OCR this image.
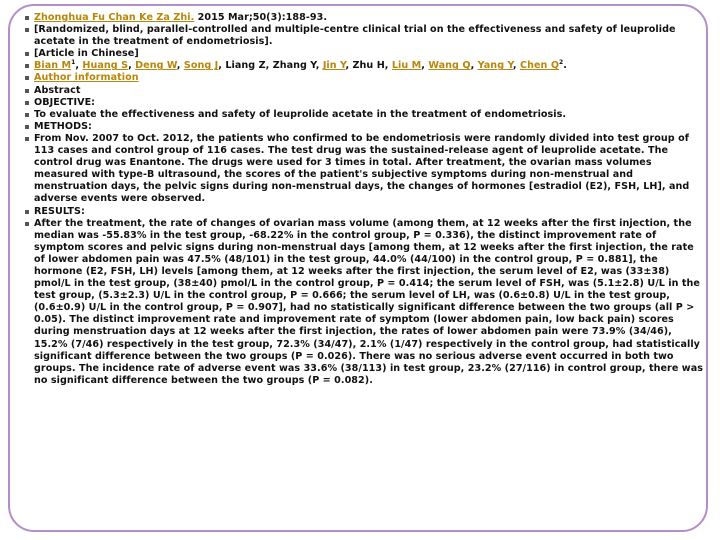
Zhonghua Fu Chan Ke Za Zhi. 2015 Mar;50(3):188-93.
[Randomized, blind, parallel-controlled and multiple-centre clinical trial on the effectiveness and safety of leuprolide acetate in the treatment of endometriosis].
[Article in Chinese]
Bian $M^1$, Huang S, Deng W, Song J, Liang Z, Zhang Y, Jin Y, Zhu H, Liu M, Wang Q, Yang Y, Chen $Q^2$.
Author information
Abstract
OBJECTIVE:
To evaluate the effectiveness and safety of leuprolide acetate in the treatment of endometriosis.
METHODS:
From Nov. 2007 to Oct. 2012, the patients who confirmed to be endometriosis were randomly divided into test group of 113 cases and control group of 116 cases. The test drug was the sustained-release agent of leuprolide acetate. The control drug was Enantone. The drugs were used for 3 times in total. After treatment, the ovarian mass volumes measured with type-B ultrasound, the scores of the patient's subjective symptoms during non-menstrual and menstruation days, the pelvic signs during non-menstrual days, the changes of hormones [estradiol (E2), FSH, LH], and adverse events were observed.
RESULTS:
After the treatment, the rate of changes of ovarian mass volume (among them, at 12 weeks after the first injection, the median was -55.83% in the test group, -68.22% in the control group, P = 0.336), the distinct improvement rate of symptom scores and pelvic signs during non-menstrual days [among them, at 12 weeks after the first injection, the rate of lower abdomen pain was 47.5% (48/101) in the test group, 44.0% (44/100) in the control group, P = 0.881], the hormone (E2, FSH, LH) levels [among them, at 12 weeks after the first injection, the serum level of E2, was (33±38) pmol/L in the test group, (38±40) pmol/L in the control group, P = 0.414; the serum level of FSH, was (5.1±2.8) U/L in the test group, (5.3±2.3) U/L in the control group, P = 0.666; the serum level of LH, was (0.6±0.8) U/L in the test group, (0.6±0.9) U/L in the control group, P = 0.907], had no statistically significant difference between the two groups (all P > 0.05). The distinct improvement rate and improvement rate of symptom (lower abdomen pain, low back pain) scores during menstruation days at 12 weeks after the first injection, the rates of lower abdomen pain were 73.9% (34/46), 15.2% (7/46) respectively in the test group, 72.3% (34/47), 2.1% (1/47) respectively in the control group, had statistically significant difference between the two groups (P = 0.026). There was no serious adverse event occurred in both two groups. The incidence rate of adverse event was 33.6% (38/113) in test group, 23.2% (27/116) in control group, there was no significant difference between the two groups (P = 0.082).
